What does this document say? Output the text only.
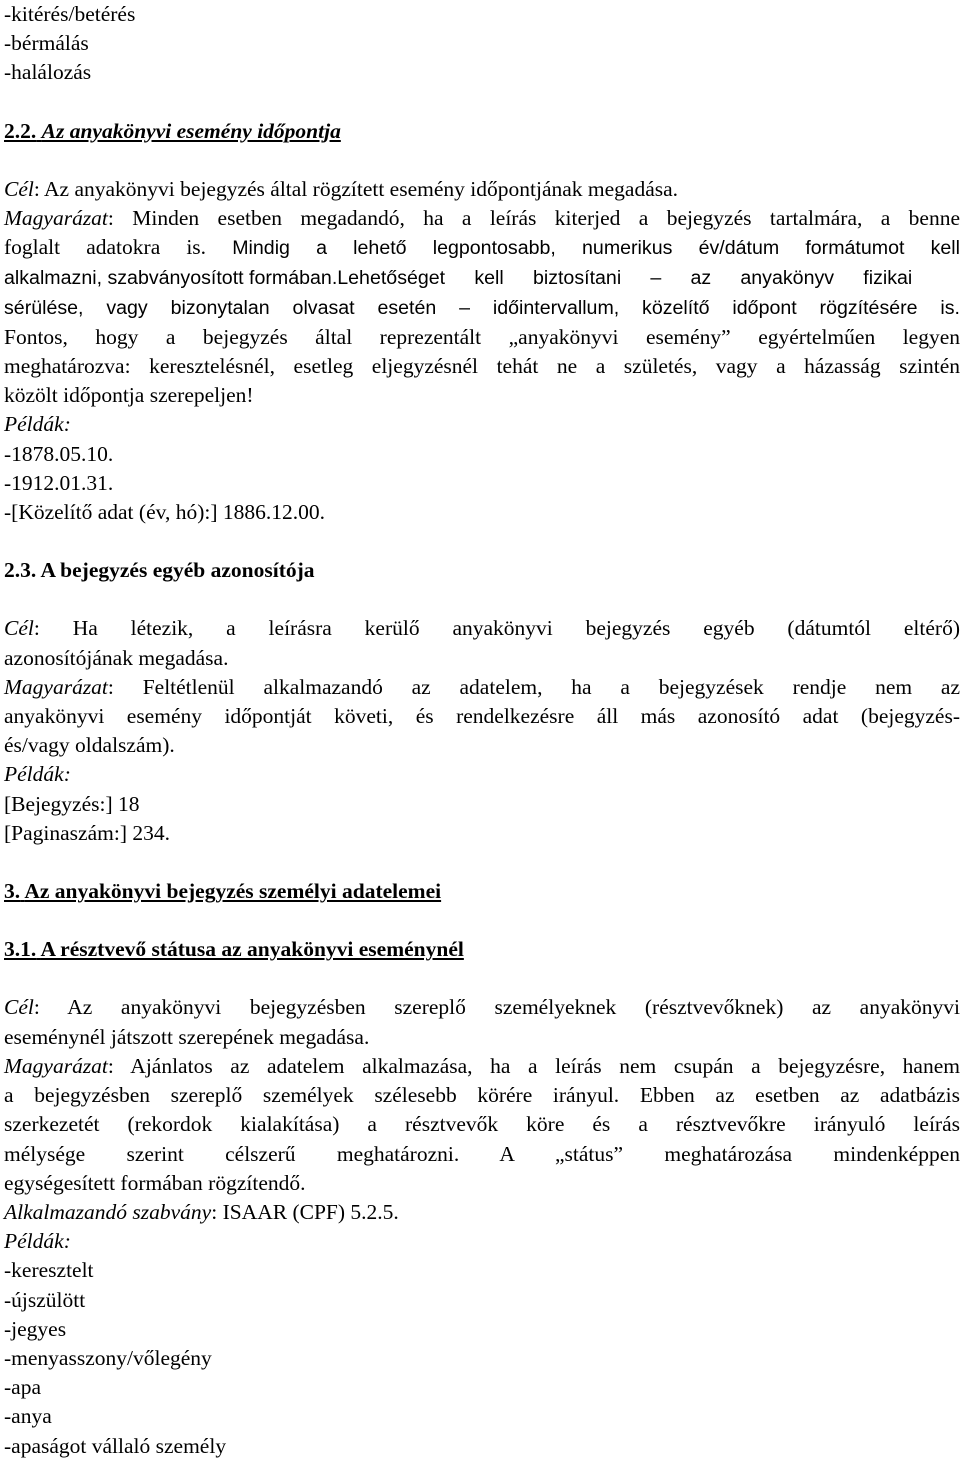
-kitérés/betérés
-bérmálás
-halálozás
2.2. Az anyakönyvi esemény időpontja
Cél: Az anyakönyvi bejegyzés által rögzített esemény időpontjának megadása.
Magyarázat: Minden esetben megadandó, ha a leírás kiterjed a bejegyzés tartalmára, a benne
foglalt adatokra is. Mindig a lehető legpontosabb, numerikus év/dátum formátumot kell
alkalmazni, szabványosított formában.Lehetőséget kell biztosítani – az anyakönyv fizikai
sérülése, vagy bizonytalan olvasat esetén – időintervallum, közelítő időpont rögzítésére is.
Fontos, hogy a bejegyzés által reprezentált „anyakönyvi esemény” egyértelműen legyen
meghatározva: keresztelésnél, esetleg eljegyzésnél tehát ne a születés, vagy a házasság szintén
közölt időpontja szerepeljen!
Példák:
-1878.05.10.
-1912.01.31.
-[Közelítő adat (év, hó):] 1886.12.00.
2.3. A bejegyzés egyéb azonosítója
Cél: Ha létezik, a leírásra kerülő anyakönyvi bejegyzés egyéb (dátumtól eltérő)
azonosítójának megadása.
Magyarázat: Feltétlenül alkalmazandó az adatelem, ha a bejegyzések rendje nem az
anyakönyvi esemény időpontját követi, és rendelkezésre áll más azonosító adat (bejegyzés-
és/vagy oldalszám).
Példák:
[Bejegyzés:] 18
[Paginaszám:] 234.
3. Az anyakönyvi bejegyzés személyi adatelemei
3.1. A résztvevő státusa az anyakönyvi eseménynél
Cél: Az anyakönyvi bejegyzésben szereplő személyeknek (résztvevőknek) az anyakönyvi
eseménynél játszott szerepének megadása.
Magyarázat: Ajánlatos az adatelem alkalmazása, ha a leírás nem csupán a bejegyzésre, hanem
a bejegyzésben szereplő személyek szélesebb körére irányul. Ebben az esetben az adatbázis
szerkezetét (rekordok kialakítása) a résztvevők köre és a résztvevőkre irányuló leírás
mélysége szerint célszerű meghatározni. A „státus” meghatározása mindenképpen
egységesített formában rögzítendő.
Alkalmazandó szabvány: ISAAR (CPF) 5.2.5.
Példák:
-keresztelt
-újszülött
-jegyes
-menyasszony/vőlegény
-apa
-anya
-apaságot vállaló személy
